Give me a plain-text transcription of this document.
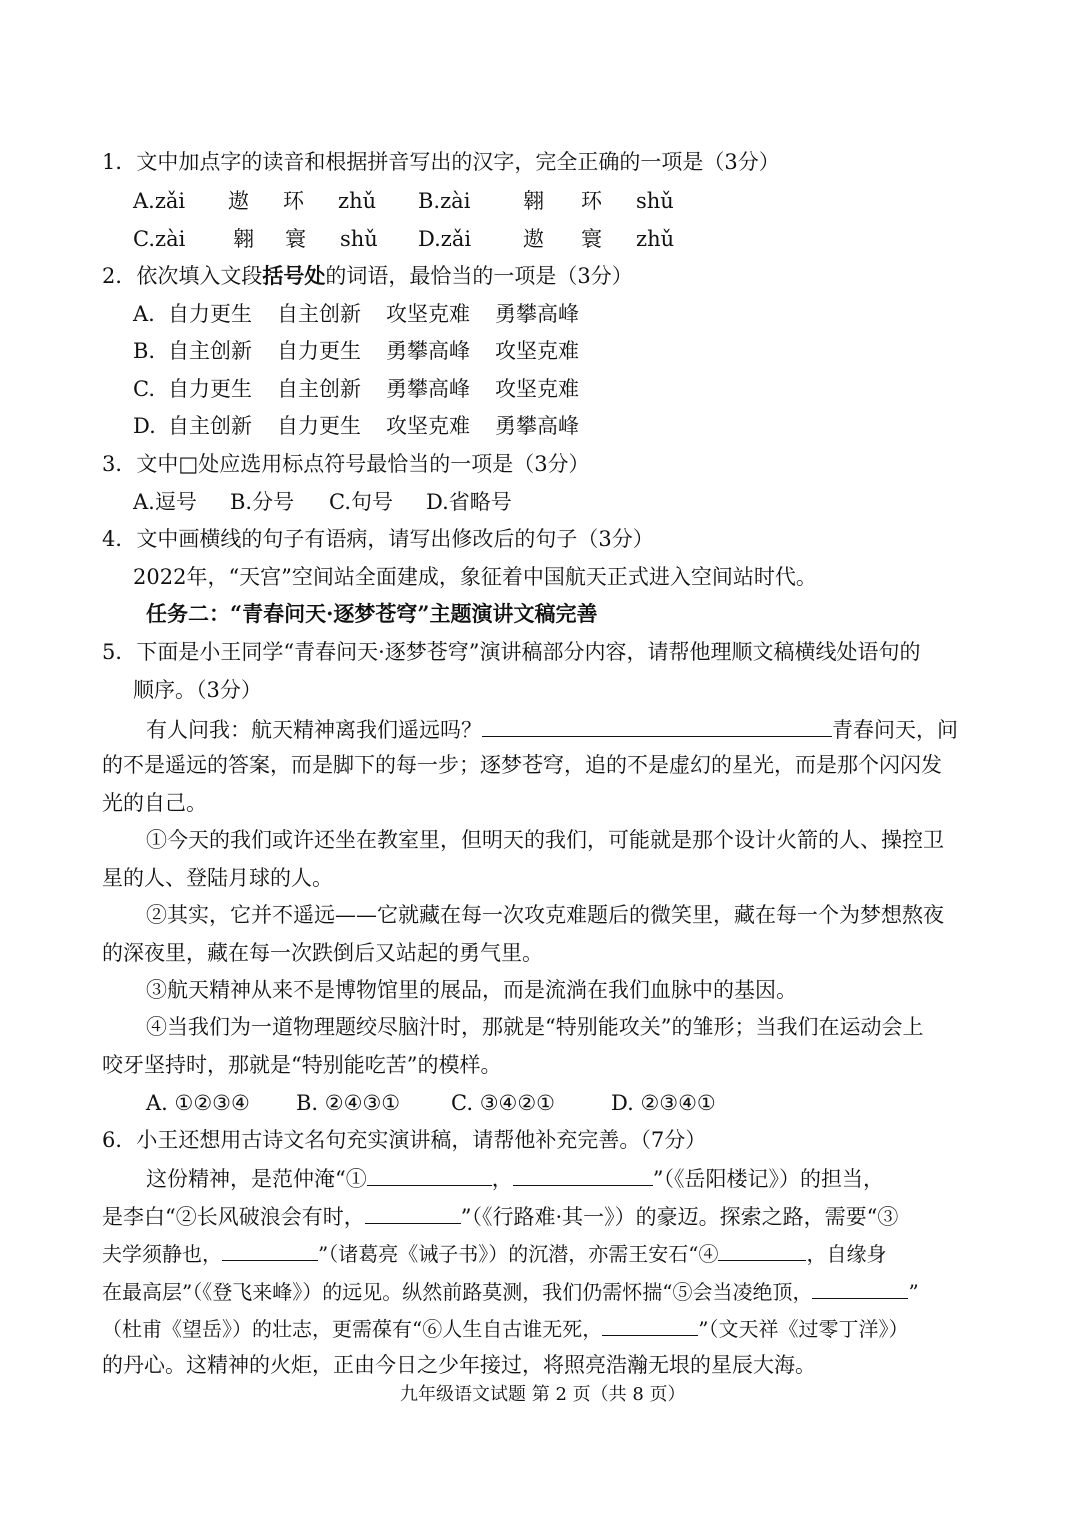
1．文中加点字的读音和根据拼音写出的汉字，完全正确的一项是（3分）
A.zǎi 遨 环 zhǔ	B.zài	翱 环 shǔ
C.zài 翱 寰 shǔ	D.zǎi 遨 寰 zhǔ
2．依次填入文段括号处的词语，最恰当的一项是（3分）
A. 自力更生 自主创新 攻坚克难 勇攀高峰
B. 自主创新 自力更生 勇攀高峰 攻坚克难
C. 自力更生 自主创新 勇攀高峰 攻坚克难
D. 自主创新 自力更生 攻坚克难 勇攀高峰
3．文中□处应选用标点符号最恰当的一项是（3分）
A.逗号 B.分号 C.句号 D.省略号
4．文中画横线的句子有语病，请写出修改后的句子（3分）
2022年，“天宫”空间站全面建成，象征着中国航天正式进入空间站时代。
任务二：“青春问天·逐梦苍穹”主题演讲文稿完善
5．下面是小王同学“青春问天·逐梦苍穹”演讲稿部分内容，请帮他理顺文稿横线处语句的
顺序。（3分）
有人问我：航天精神离我们遥远吗？	青春问天，问
的不是遥远的答案，而是脚下的每一步；逐梦苍穹，追的不是虚幻的星光，而是那个闪闪发
光的自己。
①今天的我们或许还坐在教室里，但明天的我们，可能就是那个设计火箭的人、操控卫
星的人、登陆月球的人。
②其实，它并不遥远——它就藏在每一次攻克难题后的微笑里，藏在每一个为梦想熬夜
的深夜里，藏在每一次跌倒后又站起的勇气里。
③航天精神从来不是博物馆里的展品，而是流淌在我们血脉中的基因。
④当我们为一道物理题绞尽脑汁时，那就是“特别能攻关”的雏形；当我们在运动会上
咬牙坚持时，那就是“特别能吃苦”的模样。
A. ①②③④ B. ②④③① C. ③④②①	D. ②③④①
6．小王还想用古诗文名句充实演讲稿，请帮他补充完善。（7分）
这份精神，是范仲淹“①	，	”（《岳阳楼记》）的担当，
是李白“②长风破浪会有时，	”（《行路难·其一》）的豪迈。探索之路，需要“③
夫学须静也，	”（诸葛亮《诫子书》）的沉潜，亦需王安石“④	，自缘身
在最高层”（《登飞来峰》）的远见。纵然前路莫测，我们仍需怀揣“⑤会当凌绝顶，	”
（杜甫《望岳》）的壮志，更需葆有“⑥人生自古谁无死，	”（文天祥《过零丁洋》）
的丹心。这精神的火炬，正由今日之少年接过，将照亮浩瀚无垠的星辰大海。
九年级语文试题 第 2 页（共 8 页）
